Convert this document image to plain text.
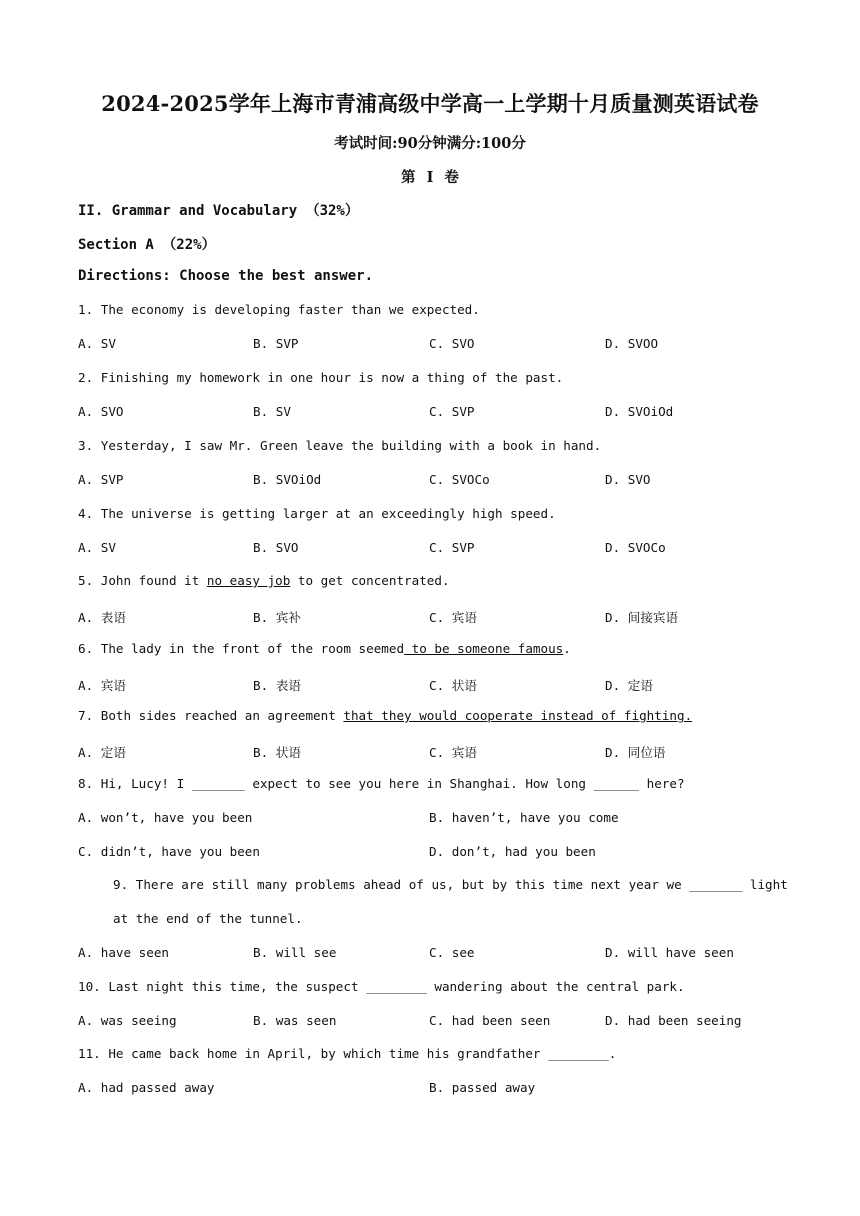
2024-2025学年上海市青浦高级中学高一上学期十月质量测英语试卷
考试时间:90分钟满分:100分
第 I 卷
II. Grammar and Vocabulary （32%）
Section A （22%）
Directions: Choose the best answer.
1. The economy is developing faster than we expected.
A. SV	B. SVP	C. SVO	D. SVOO
2. Finishing my homework in one hour is now a thing of the past.
A. SVO	B. SV	C. SVP	D. SVOiOd
3. Yesterday, I saw Mr. Green leave the building with a book in hand.
A. SVP	B. SVOiOd	C. SVOCo	D. SVO
4. The universe is getting larger at an exceedingly high speed.
A. SV	B. SVO	C. SVP	D. SVOCo
5. John found it no easy job to get concentrated.
A. 表语	B. 宾补	C. 宾语	D. 间接宾语
6. The lady in the front of the room seemed to be someone famous.
A. 宾语	B. 表语	C. 状语	D. 定语
7. Both sides reached an agreement that they would cooperate instead of fighting.
A. 定语	B. 状语	C. 宾语	D. 同位语
8. Hi, Lucy! I _______ expect to see you here in Shanghai. How long ______ here?
A. won’t, have you been	B. haven’t, have you come
C. didn’t, have you been	D. don’t, had you been
9. There are still many problems ahead of us, but by this time next year we _______ light
at the end of the tunnel.
A. have seen	B. will see	C. see	D. will have seen
10. Last night this time, the suspect ________ wandering about the central park.
A. was seeing	B. was seen	C. had been seen	D. had been seeing
11. He came back home in April, by which time his grandfather ________.
A. had passed away	B. passed away
